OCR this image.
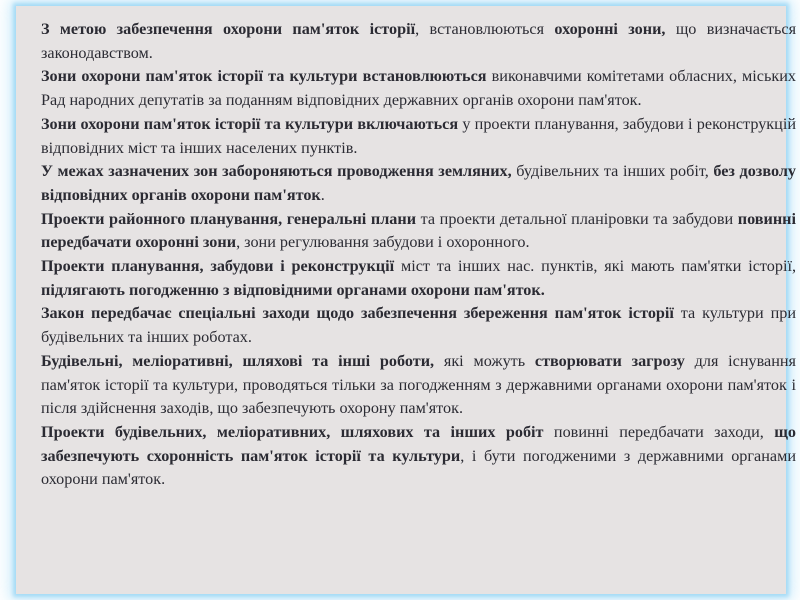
З метою забезпечення охорони пам'яток історії, встановлюються охоронні зони, що визначається законодавством.

Зони охорони пам'яток історії та культури встановлюються виконавчими комітетами обласних, міських Рад народних депутатів за поданням відповідних державних органів охорони пам'яток.

Зони охорони пам'яток історії та культури включаються у проекти планування, забудови і реконструкцій відповідних міст та інших населених пунктів.

У межах зазначених зон забороняються проводження земляних, будівельних та інших робіт, без дозволу відповідних органів охорони пам'яток.

Проекти районного планування, генеральні плани та проекти детальної планіровки та забудови повинні передбачати охоронні зони, зони регулювання забудови і охоронного.

Проекти планування, забудови і реконструкції міст та інших нас. пунктів, які мають пам'ятки історії, підлягають погодженню з відповідними органами охорони пам'яток.

Закон передбачає спеціальні заходи щодо забезпечення збереження пам'яток історії та культури при будівельних та інших роботах.

Будівельні, меліоративні, шляхові та інші роботи, які можуть створювати загрозу для існування пам'яток історії та культури, проводяться тільки за погодженням з державними органами охорони пам'яток і після здійснення заходів, що забезпечують охорону пам'яток.

Проекти будівельних, меліоративних, шляхових та інших робіт повинні передбачати заходи, що забезпечують схоронність пам'яток історії та культури, і бути погодженими з державними органами охорони пам'яток.
